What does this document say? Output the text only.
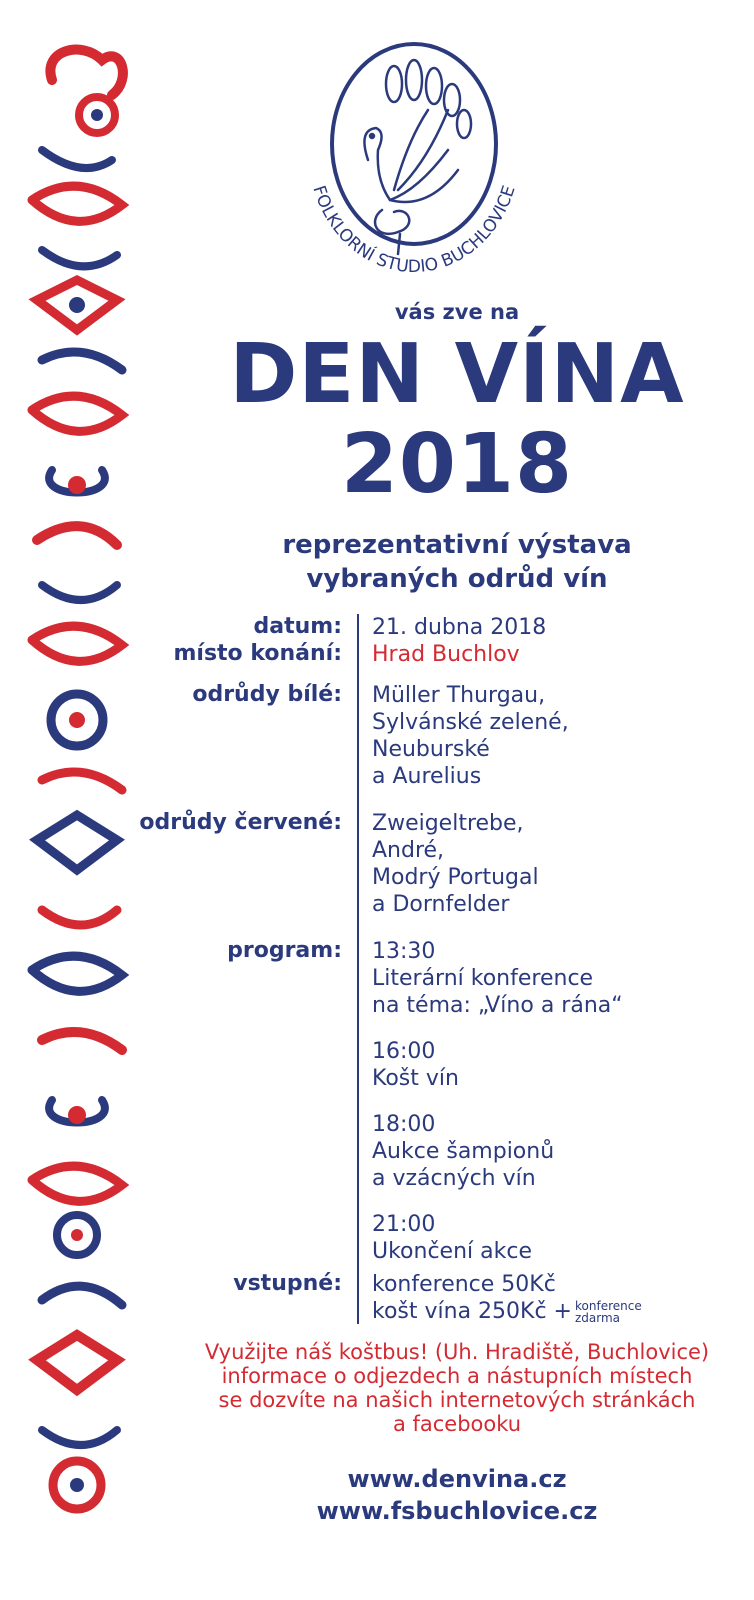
FOLKLORNÍ STUDIO BUCHLOVICE
vás zve na
DEN VÍNA
2018
reprezentativní výstava
vybraných odrůd vín
datum: 21. dubna 2018
místo konání: Hrad Buchlov
odrůdy bílé: Müller Thurgau,
Sylvánské zelené,
Neuburské
a Aurelius
odrůdy červené: Zweigeltrebe,
André,
Modrý Portugal
a Dornfelder
program: 13:30
Literární konference
na téma: „Víno a rána“
16:00
Košt vín
18:00
Aukce šampionů
a vzácných vín
21:00
Ukončení akce
vstupné: konference 50Kč
košt vína 250Kč + konference
zdarma
Využijte náš koštbus! (Uh. Hradiště, Buchlovice)
informace o odjezdech a nástupních místech
se dozvíte na našich internetových stránkách
a facebooku
www.denvina.cz
www.fsbuchlovice.cz
